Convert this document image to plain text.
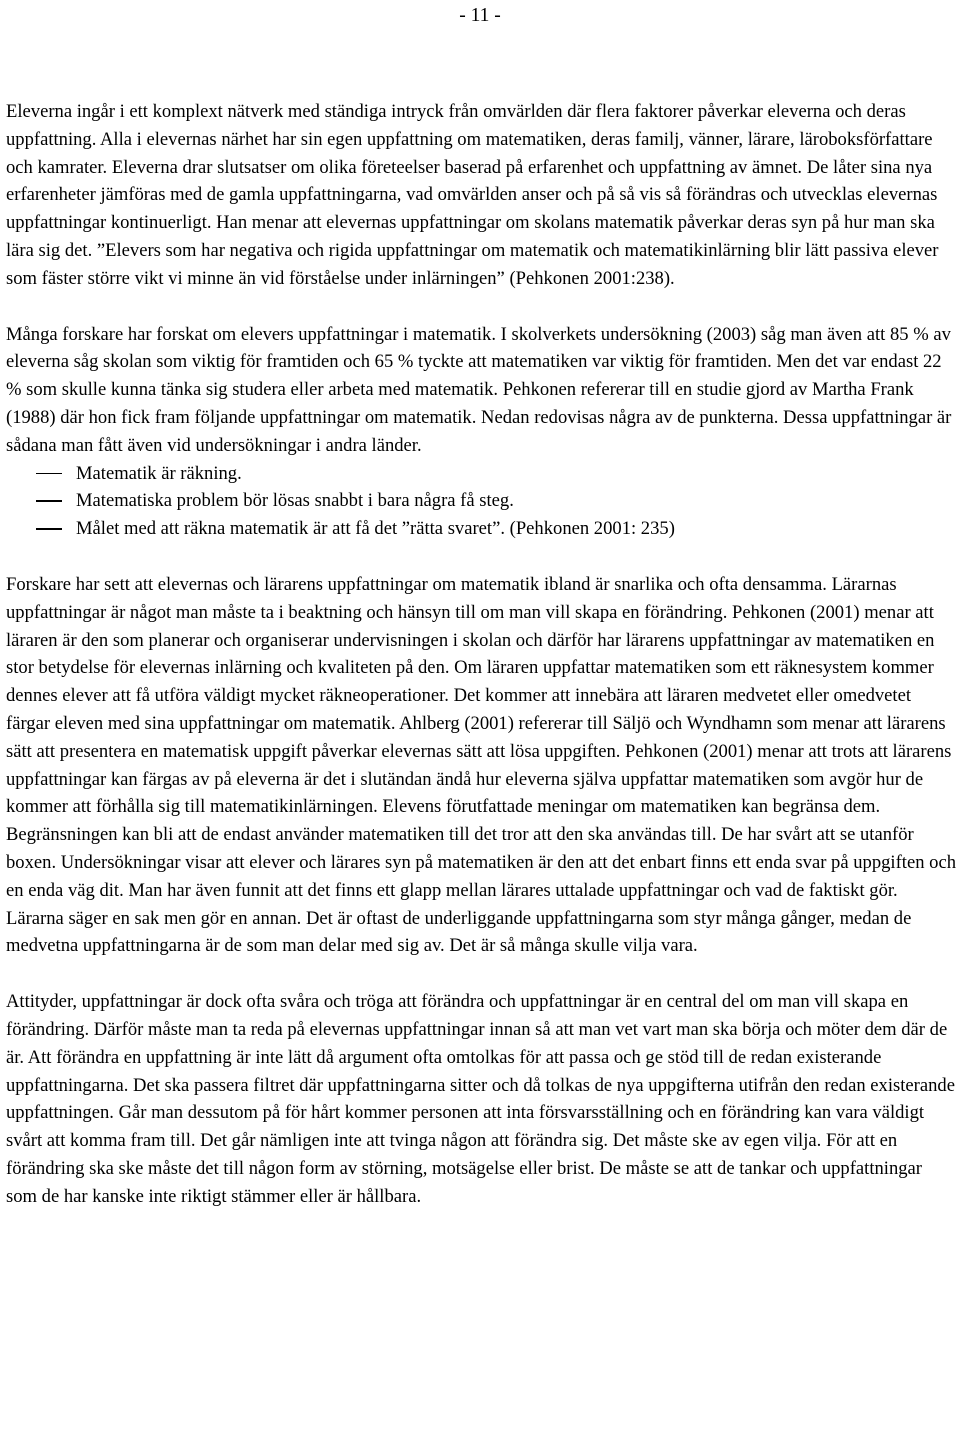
- 11 -

Eleverna ingår i ett komplext nätverk med ständiga intryck från omvärlden där flera faktorer påverkar eleverna och deras uppfattning. Alla i elevernas närhet har sin egen uppfattning om matematiken, deras familj, vänner, lärare, läroboksförfattare och kamrater. Eleverna drar slutsatser om olika företeelser baserad på erfarenhet och uppfattning av ämnet. De låter sina nya erfarenheter jämföras med de gamla uppfattningarna, vad omvärlden anser och på så vis så förändras och utvecklas elevernas uppfattningar kontinuerligt. Han menar att elevernas uppfattningar om skolans matematik påverkar deras syn på hur man ska lära sig det. ”Elevers som har negativa och rigida uppfattningar om matematik och matematikinlärning blir lätt passiva elever som fäster större vikt vi minne än vid förståelse under inlärningen” (Pehkonen 2001:238).

Många forskare har forskat om elevers uppfattningar i matematik. I skolverkets undersökning (2003) såg man även att 85 % av eleverna såg skolan som viktig för framtiden och 65 % tyckte att matematiken var viktig för framtiden. Men det var endast 22 % som skulle kunna tänka sig studera eller arbeta med matematik. Pehkonen refererar till en studie gjord av Martha Frank (1988) där hon fick fram följande uppfattningar om matematik. Nedan redovisas några av de punkterna. Dessa uppfattningar är sådana man fått även vid undersökningar i andra länder.

Matematik är räkning.
Matematiska problem bör lösas snabbt i bara några få steg.
Målet med att räkna matematik är att få det ”rätta svaret”. (Pehkonen 2001: 235)

Forskare har sett att elevernas och lärarens uppfattningar om matematik ibland är snarlika och ofta densamma. Lärarnas uppfattningar är något man måste ta i beaktning och hänsyn till om man vill skapa en förändring. Pehkonen (2001) menar att läraren är den som planerar och organiserar undervisningen i skolan och därför har lärarens uppfattningar av matematiken en stor betydelse för elevernas inlärning och kvaliteten på den. Om läraren uppfattar matematiken som ett räknesystem kommer dennes elever att få utföra väldigt mycket räkneoperationer. Det kommer att innebära att läraren medvetet eller omedvetet färgar eleven med sina uppfattningar om matematik. Ahlberg (2001) refererar till Säljö och Wyndhamn som menar att lärarens sätt att presentera en matematisk uppgift påverkar elevernas sätt att lösa uppgiften. Pehkonen (2001) menar att trots att lärarens uppfattningar kan färgas av på eleverna är det i slutändan ändå hur eleverna själva uppfattar matematiken som avgör hur de kommer att förhålla sig till matematikinlärningen. Elevens förutfattade meningar om matematiken kan begränsa dem. Begränsningen kan bli att de endast använder matematiken till det tror att den ska användas till. De har svårt att se utanför boxen. Undersökningar visar att elever och lärares syn på matematiken är den att det enbart finns ett enda svar på uppgiften och en enda väg dit. Man har även funnit att det finns ett glapp mellan lärares uttalade uppfattningar och vad de faktiskt gör. Lärarna säger en sak men gör en annan. Det är oftast de underliggande uppfattningarna som styr många gånger, medan de medvetna uppfattningarna är de som man delar med sig av. Det är så många skulle vilja vara.

Attityder, uppfattningar är dock ofta svåra och tröga att förändra och uppfattningar är en central del om man vill skapa en förändring. Därför måste man ta reda på elevernas uppfattningar innan så att man vet vart man ska börja och möter dem där de är. Att förändra en uppfattning är inte lätt då argument ofta omtolkas för att passa och ge stöd till de redan existerande uppfattningarna. Det ska passera filtret där uppfattningarna sitter och då tolkas de nya uppgifterna utifrån den redan existerande uppfattningen. Går man dessutom på för hårt kommer personen att inta försvarsställning och en förändring kan vara väldigt svårt att komma fram till. Det går nämligen inte att tvinga någon att förändra sig. Det måste ske av egen vilja. För att en förändring ska ske måste det till någon form av störning, motsägelse eller brist. De måste se att de tankar och uppfattningar som de har kanske inte riktigt stämmer eller är hållbara.
